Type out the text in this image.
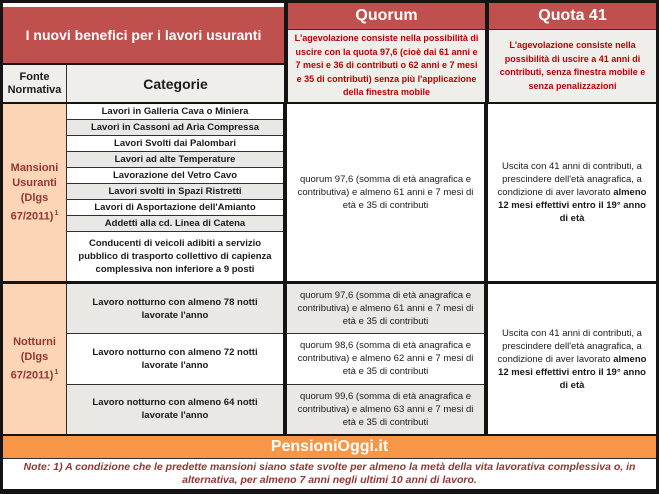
I nuovi benefici per i lavori usuranti
Fonte Normativa	Categorie
Quorum
L'agevolazione consiste nella possibilità di uscire con la quota 97,6 (cioè dai 61 anni e 7 mesi e 36 di contributi o 62 anni e 7 mesi e 35 di contributi) senza più l'applicazione della finestra mobile
Quota 41
L'agevolazione consiste nella possibilità di uscire a 41 anni di contributi, senza finestra mobile e senza penalizzazioni
Mansioni Usuranti (Dlgs 67/2011)$^1$
Lavori in Galleria Cava o Miniera
Lavori in Cassoni ad Aria Compressa
Lavori Svolti dai Palombari
Lavori ad alte Temperature
Lavorazione del Vetro Cavo
Lavori svolti in Spazi Ristretti
Lavori di Asportazione dell'Amianto
Addetti alla cd. Linea di Catena
Conducenti di veicoli adibiti a servizio pubblico di trasporto collettivo di capienza complessiva non inferiore a 9 posti
quorum 97,6 (somma di età anagrafica e contributiva) e almeno 61 anni e 7 mesi di età e 35 di contributi
Uscita con 41 anni di contributi, a prescindere dell'età anagrafica, a condizione di aver lavorato almeno 12 mesi effettivi entro il 19° anno di età
Notturni (Dlgs 67/2011)$^1$
Lavoro notturno con almeno 78 notti lavorate l'anno
Lavoro notturno con almeno 72 notti lavorate l'anno
Lavoro notturno con almeno 64 notti lavorate l'anno
quorum 97,6 (somma di età anagrafica e contributiva) e almeno 61 anni e 7 mesi di età e 35 di contributi
quorum 98,6 (somma di età anagrafica e contributiva) e almeno 62 anni e 7 mesi di età e 35 di contributi
quorum 99,6 (somma di età anagrafica e contributiva) e almeno 63 anni e 7 mesi di età e 35 di contributi
Uscita con 41 anni di contributi, a prescindere dell'età anagrafica, a condizione di aver lavorato almeno 12 mesi effettivi entro il 19° anno di età
PensioniOggi.it
Note: 1) A condizione che le predette mansioni siano state svolte per almeno la metà della vita lavorativa complessiva o, in alternativa, per almeno 7 anni negli ultimi 10 anni di lavoro.
